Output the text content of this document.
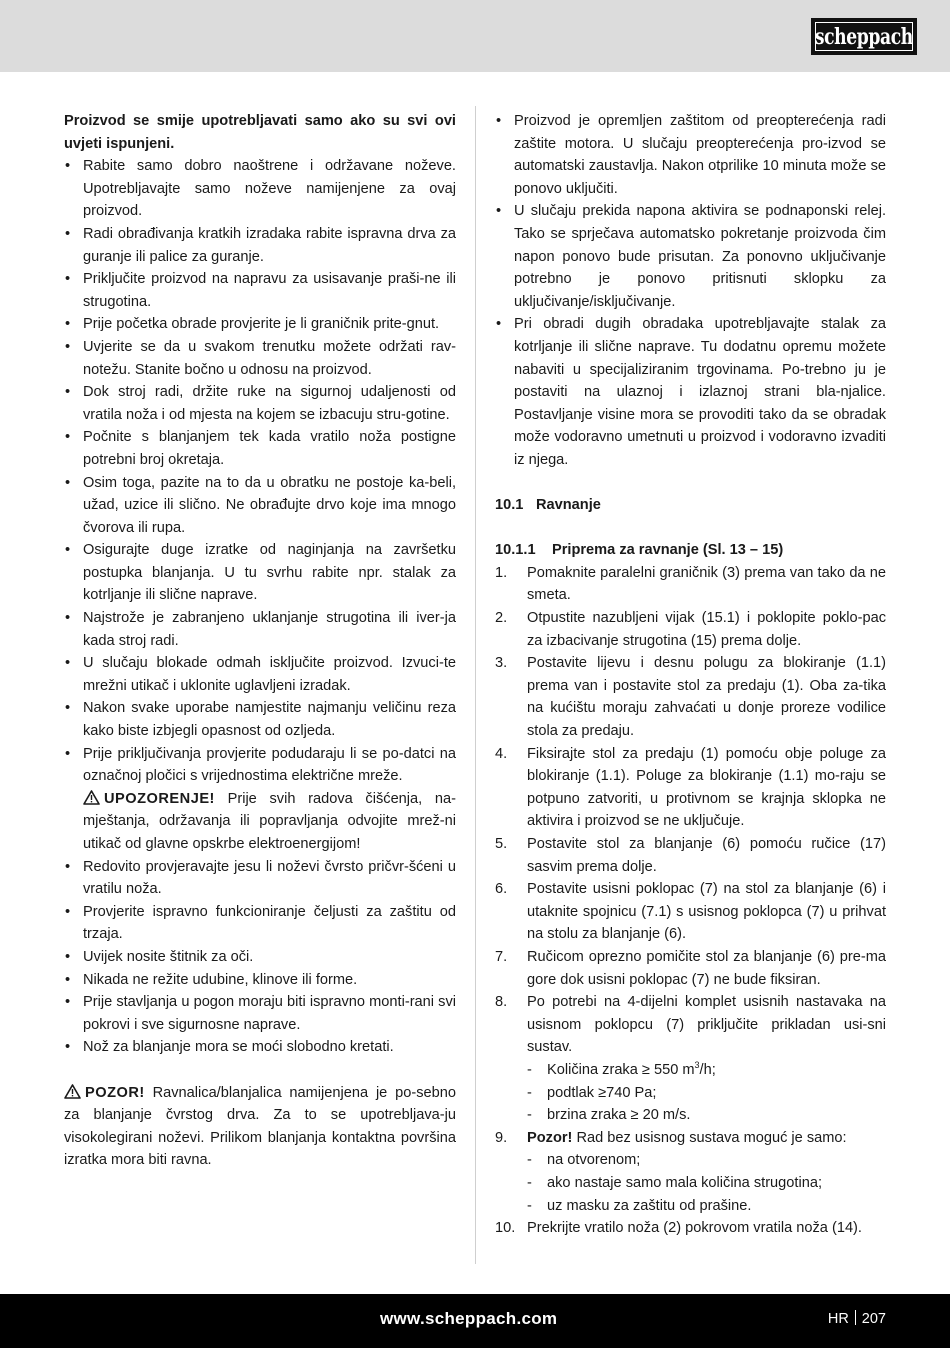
scheppach

Proizvod se smije upotrebljavati samo ako su svi ovi uvjeti ispunjeni.

• Rabite samo dobro naoštrene i održavane noževe. Upotrebljavajte samo noževe namijenjene za ovaj proizvod.
• Radi obrađivanja kratkih izradaka rabite ispravna drva za guranje ili palice za guranje.
• Priključite proizvod na napravu za usisavanje praši-ne ili strugotina.
• Prije početka obrade provjerite je li graničnik prite-gnut.
• Uvjerite se da u svakom trenutku možete održati rav-notežu. Stanite bočno u odnosu na proizvod.
• Dok stroj radi, držite ruke na sigurnoj udaljenosti od vratila noža i od mjesta na kojem se izbacuju stru-gotine.
• Počnite s blanjanjem tek kada vratilo noža postigne potrebni broj okretaja.
• Osim toga, pazite na to da u obratku ne postoje ka-beli, užad, uzice ili slično. Ne obrađujte drvo koje ima mnogo čvorova ili rupa.
• Osigurajte duge izratke od naginjanja na završetku postupka blanjanja. U tu svrhu rabite npr. stalak za kotrljanje ili slične naprave.
• Najstrože je zabranjeno uklanjanje strugotina ili iver-ja kada stroj radi.
• U slučaju blokade odmah isključite proizvod. Izvuci-te mrežni utikač i uklonite uglavljeni izradak.
• Nakon svake uporabe namjestite najmanju veličinu reza kako biste izbjegli opasnost od ozljeda.
• Prije priključivanja provjerite podudaraju li se po-datci na označnoj pločici s vrijednostima električne mreže.

UPOZORENJE! Prije svih radova čišćenja, na-mještanja, održavanja ili popravljanja odvojite mrež-ni utikač od glavne opskrbe elektroenergijom!

• Redovito provjeravajte jesu li noževi čvrsto pričvr-šćeni u vratilu noža.
• Provjerite ispravno funkcioniranje čeljusti za zaštitu od trzaja.
• Uvijek nosite štitnik za oči.
• Nikada ne režite udubine, klinove ili forme.
• Prije stavljanja u pogon moraju biti ispravno monti-rani svi pokrovi i sve sigurnosne naprave.
• Nož za blanjanje mora se moći slobodno kretati.

POZOR! Ravnalica/blanjalica namijenjena je po-sebno za blanjanje čvrstog drva. Za to se upotrebljava-ju visokolegirani noževi. Prilikom blanjanja kontaktna površina izratka mora biti ravna.

• Proizvod je opremljen zaštitom od preopterećenja radi zaštite motora. U slučaju preopterećenja pro-izvod se automatski zaustavlja. Nakon otprilike 10 minuta može se ponovo uključiti.
• U slučaju prekida napona aktivira se podnaponski relej. Tako se sprječava automatsko pokretanje proizvoda čim napon ponovo bude prisutan. Za ponovno uključivanje potrebno je ponovo pritisnuti sklopku za uključivanje/isključivanje.
• Pri obradi dugih obradaka upotrebljavajte stalak za kotrljanje ili slične naprave. Tu dodatnu opremu možete nabaviti u specijaliziranim trgovinama. Po-trebno ju je postaviti na ulaznoj i izlaznoj strani bla-njalice. Postavljanje visine mora se provoditi tako da se obradak može vodoravno umetnuti u proizvod i vodoravno izvaditi iz njega.

10.1 Ravnanje

10.1.1 Priprema za ravnanje (Sl. 13 – 15)

1. Pomaknite paralelni graničnik (3) prema van tako da ne smeta.
2. Otpustite nazubljeni vijak (15.1) i poklopite poklo-pac za izbacivanje strugotina (15) prema dolje.
3. Postavite lijevu i desnu polugu za blokiranje (1.1) prema van i postavite stol za predaju (1). Oba za-tika na kućištu moraju zahvaćati u donje proreze vodilice stola za predaju.
4. Fiksirajte stol za predaju (1) pomoću obje poluge za blokiranje (1.1). Poluge za blokiranje (1.1) mo-raju se potpuno zatvoriti, u protivnom se krajnja sklopka ne aktivira i proizvod se ne uključuje.
5. Postavite stol za blanjanje (6) pomoću ručice (17) sasvim prema dolje.
6. Postavite usisni poklopac (7) na stol za blanjanje (6) i utaknite spojnicu (7.1) s usisnog poklopca (7) u prihvat na stolu za blanjanje (6).
7. Ručicom oprezno pomičite stol za blanjanje (6) pre-ma gore dok usisni poklopac (7) ne bude fiksiran.
8. Po potrebi na 4-dijelni komplet usisnih nastavaka na usisnom poklopcu (7) priključite prikladan usi-sni sustav.
- Količina zraka ≥ 550 $m^3/h$;
- podtlak ≥740 Pa;
- brzina zraka ≥ 20 m/s.
9. Pozor! Rad bez usisnog sustava moguć je samo:
- na otvorenom;
- ako nastaje samo mala količina strugotina;
- uz masku za zaštitu od prašine.
10. Prekrijte vratilo noža (2) pokrovom vratila noža (14).
www.scheppach.com	HR 207
